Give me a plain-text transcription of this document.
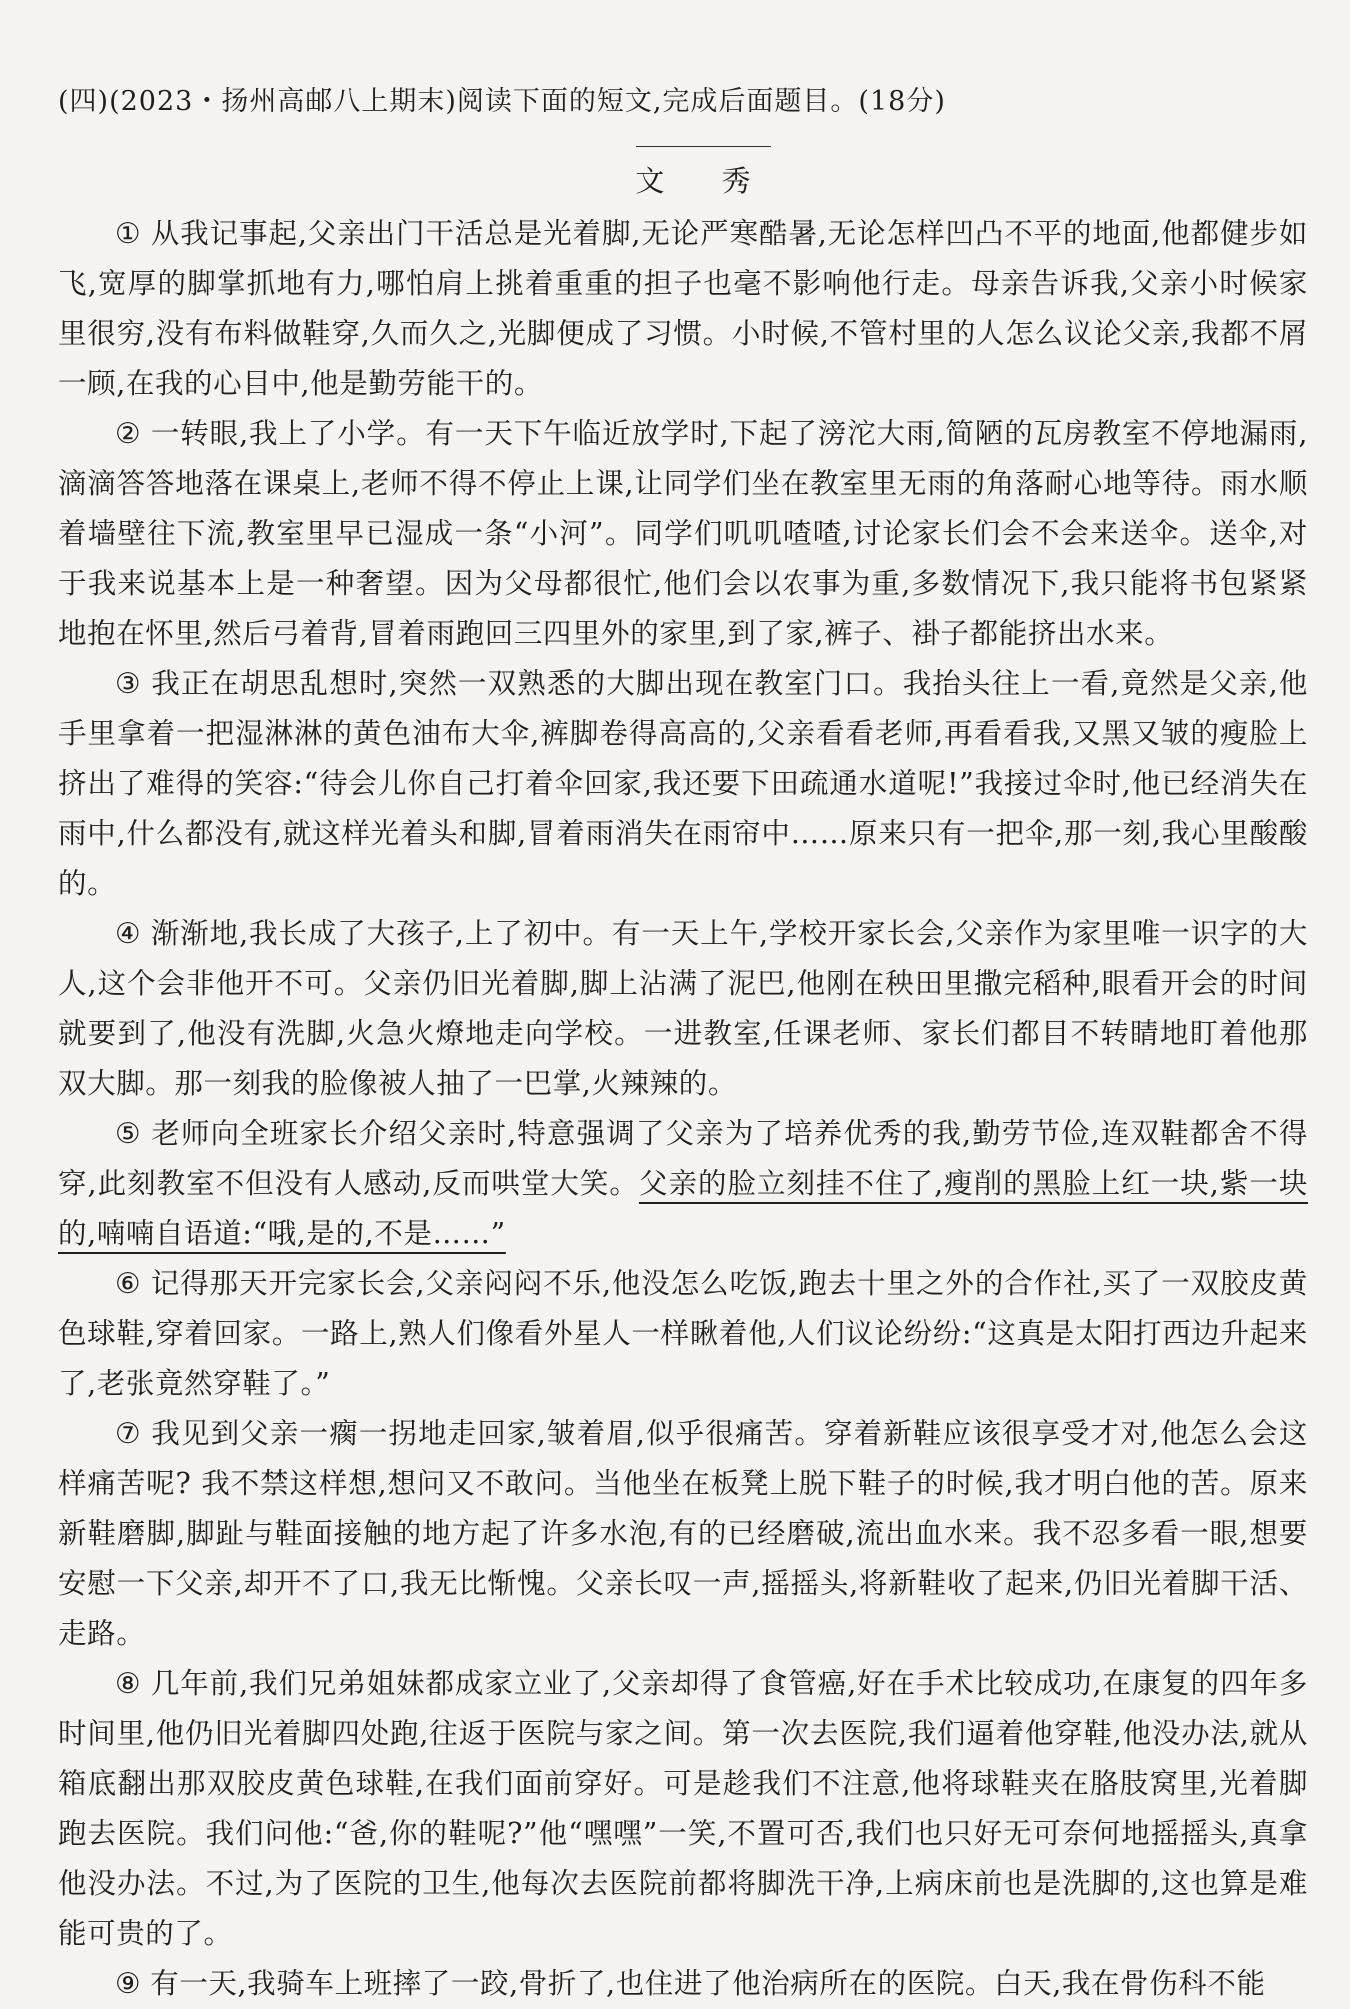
(四)(2023・扬州高邮八上期末)阅读下面的短文,完成后面题目。(18分)
文 秀

① 从我记事起,父亲出门干活总是光着脚,无论严寒酷暑,无论怎样凹凸不平的地面,他都健步如飞,宽厚的脚掌抓地有力,哪怕肩上挑着重重的担子也毫不影响他行走。母亲告诉我,父亲小时候家里很穷,没有布料做鞋穿,久而久之,光脚便成了习惯。小时候,不管村里的人怎么议论父亲,我都不屑一顾,在我的心目中,他是勤劳能干的。

② 一转眼,我上了小学。有一天下午临近放学时,下起了滂沱大雨,简陋的瓦房教室不停地漏雨,滴滴答答地落在课桌上,老师不得不停止上课,让同学们坐在教室里无雨的角落耐心地等待。雨水顺着墙壁往下流,教室里早已湿成一条“小河”。同学们叽叽喳喳,讨论家长们会不会来送伞。送伞,对于我来说基本上是一种奢望。因为父母都很忙,他们会以农事为重,多数情况下,我只能将书包紧紧地抱在怀里,然后弓着背,冒着雨跑回三四里外的家里,到了家,裤子、褂子都能挤出水来。

③ 我正在胡思乱想时,突然一双熟悉的大脚出现在教室门口。我抬头往上一看,竟然是父亲,他手里拿着一把湿淋淋的黄色油布大伞,裤脚卷得高高的,父亲看看老师,再看看我,又黑又皱的瘦脸上挤出了难得的笑容:“待会儿你自己打着伞回家,我还要下田疏通水道呢!”我接过伞时,他已经消失在雨中,什么都没有,就这样光着头和脚,冒着雨消失在雨帘中……原来只有一把伞,那一刻,我心里酸酸的。

④ 渐渐地,我长成了大孩子,上了初中。有一天上午,学校开家长会,父亲作为家里唯一识字的大人,这个会非他开不可。父亲仍旧光着脚,脚上沾满了泥巴,他刚在秧田里撒完稻种,眼看开会的时间就要到了,他没有洗脚,火急火燎地走向学校。一进教室,任课老师、家长们都目不转睛地盯着他那双大脚。那一刻我的脸像被人抽了一巴掌,火辣辣的。

⑤ 老师向全班家长介绍父亲时,特意强调了父亲为了培养优秀的我,勤劳节俭,连双鞋都舍不得穿,此刻教室不但没有人感动,反而哄堂大笑。父亲的脸立刻挂不住了,瘦削的黑脸上红一块,紫一块的,喃喃自语道:“哦,是的,不是……”

⑥ 记得那天开完家长会,父亲闷闷不乐,他没怎么吃饭,跑去十里之外的合作社,买了一双胶皮黄色球鞋,穿着回家。一路上,熟人们像看外星人一样瞅着他,人们议论纷纷:“这真是太阳打西边升起来了,老张竟然穿鞋了。”

⑦ 我见到父亲一瘸一拐地走回家,皱着眉,似乎很痛苦。穿着新鞋应该很享受才对,他怎么会这样痛苦呢? 我不禁这样想,想问又不敢问。当他坐在板凳上脱下鞋子的时候,我才明白他的苦。原来新鞋磨脚,脚趾与鞋面接触的地方起了许多水泡,有的已经磨破,流出血水来。我不忍多看一眼,想要安慰一下父亲,却开不了口,我无比惭愧。父亲长叹一声,摇摇头,将新鞋收了起来,仍旧光着脚干活、走路。

⑧ 几年前,我们兄弟姐妹都成家立业了,父亲却得了食管癌,好在手术比较成功,在康复的四年多时间里,他仍旧光着脚四处跑,往返于医院与家之间。第一次去医院,我们逼着他穿鞋,他没办法,就从箱底翻出那双胶皮黄色球鞋,在我们面前穿好。可是趁我们不注意,他将球鞋夹在胳肢窝里,光着脚跑去医院。我们问他:“爸,你的鞋呢?”他“嘿嘿”一笑,不置可否,我们也只好无可奈何地摇摇头,真拿他没办法。不过,为了医院的卫生,他每次去医院前都将脚洗干净,上病床前也是洗脚的,这也算是难能可贵的了。

⑨ 有一天,我骑车上班摔了一跤,骨折了,也住进了他治病所在的医院。白天,我在骨伤科不能
